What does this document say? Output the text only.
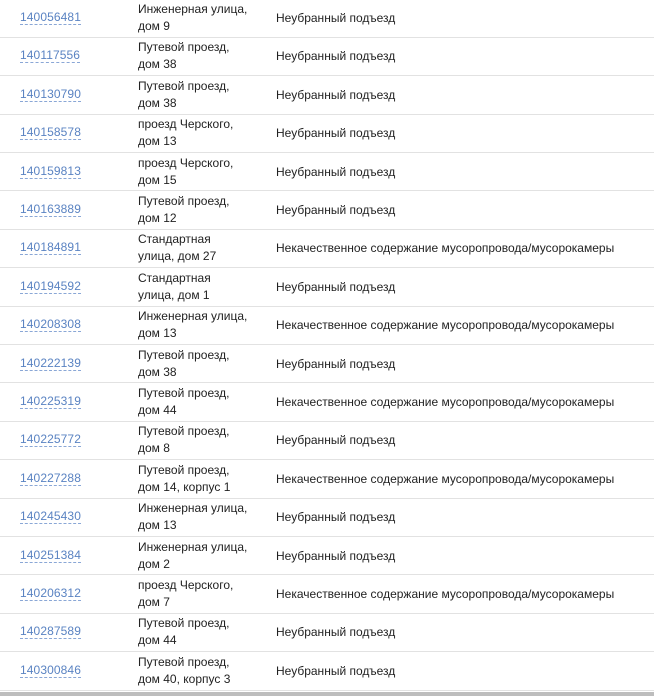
140056481
Инженерная улица,
дом 9
Неубранный подъезд
140117556
Путевой проезд,
дом 38
Неубранный подъезд
140130790
Путевой проезд,
дом 38
Неубранный подъезд
140158578
проезд Черского,
дом 13
Неубранный подъезд
140159813
проезд Черского,
дом 15
Неубранный подъезд
140163889
Путевой проезд,
дом 12
Неубранный подъезд
140184891
Стандартная
улица, дом 27
Некачественное содержание мусоропровода/мусорокамеры
140194592
Стандартная
улица, дом 1
Неубранный подъезд
140208308
Инженерная улица,
дом 13
Некачественное содержание мусоропровода/мусорокамеры
140222139
Путевой проезд,
дом 38
Неубранный подъезд
140225319
Путевой проезд,
дом 44
Некачественное содержание мусоропровода/мусорокамеры
140225772
Путевой проезд,
дом 8
Неубранный подъезд
140227288
Путевой проезд,
дом 14, корпус 1
Некачественное содержание мусоропровода/мусорокамеры
140245430
Инженерная улица,
дом 13
Неубранный подъезд
140251384
Инженерная улица,
дом 2
Неубранный подъезд
140206312
проезд Черского,
дом 7
Некачественное содержание мусоропровода/мусорокамеры
140287589
Путевой проезд,
дом 44
Неубранный подъезд
140300846
Путевой проезд,
дом 40, корпус 3
Неубранный подъезд
